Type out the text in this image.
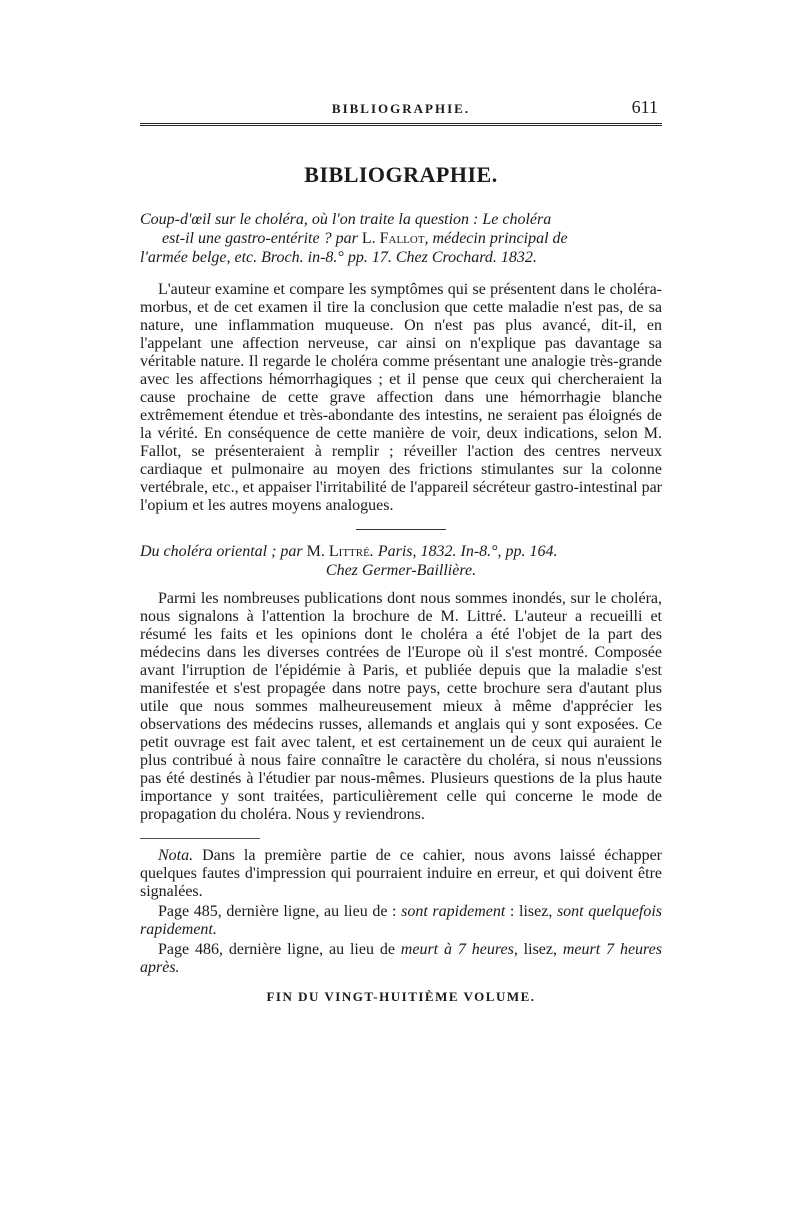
BIBLIOGRAPHIE.	611
BIBLIOGRAPHIE.

Coup-d'œil sur le choléra, où l'on traite la question : Le choléra
est-il une gastro-entérite ? par L. Fallot, médecin principal de
l'armée belge, etc. Broch. in-8.° pp. 17. Chez Crochard. 1832.

L'auteur examine et compare les symptômes qui se présentent dans le choléra-morbus, et de cet examen il tire la conclusion que cette maladie n'est pas, de sa nature, une inflammation muqueuse. On n'est pas plus avancé, dit-il, en l'appelant une affection nerveuse, car ainsi on n'explique pas davantage sa véritable nature. Il regarde le choléra comme présentant une analogie très-grande avec les affections hémorrhagiques ; et il pense que ceux qui chercheraient la cause prochaine de cette grave affection dans une hémorrhagie blanche extrêmement étendue et très-abondante des intestins, ne seraient pas éloignés de la vérité. En conséquence de cette manière de voir, deux indications, selon M. Fallot, se présenteraient à remplir ; réveiller l'action des centres nerveux cardiaque et pulmonaire au moyen des frictions stimulantes sur la colonne vertébrale, etc., et appaiser l'irritabilité de l'appareil sécréteur gastro-intestinal par l'opium et les autres moyens analogues.

Du choléra oriental ; par M. Littré. Paris, 1832. In-8.°, pp. 164.
Chez Germer-Baillière.

Parmi les nombreuses publications dont nous sommes inondés, sur le choléra, nous signalons à l'attention la brochure de M. Littré. L'auteur a recueilli et résumé les faits et les opinions dont le choléra a été l'objet de la part des médecins dans les diverses contrées de l'Europe où il s'est montré. Composée avant l'irruption de l'épidémie à Paris, et publiée depuis que la maladie s'est manifestée et s'est propagée dans notre pays, cette brochure sera d'autant plus utile que nous sommes malheureusement mieux à même d'apprécier les observations des médecins russes, allemands et anglais qui y sont exposées. Ce petit ouvrage est fait avec talent, et est certainement un de ceux qui auraient le plus contribué à nous faire connaître le caractère du choléra, si nous n'eussions pas été destinés à l'étudier par nous-mêmes. Plusieurs questions de la plus haute importance y sont traitées, particulièrement celle qui concerne le mode de propagation du choléra. Nous y reviendrons.

Nota. Dans la première partie de ce cahier, nous avons laissé échapper quelques fautes d'impression qui pourraient induire en erreur, et qui doivent être signalées.

Page 485, dernière ligne, au lieu de : sont rapidement : lisez, sont quelquefois rapidement.

Page 486, dernière ligne, au lieu de meurt à 7 heures, lisez, meurt 7 heures après.

FIN DU VINGT-HUITIÈME VOLUME.
